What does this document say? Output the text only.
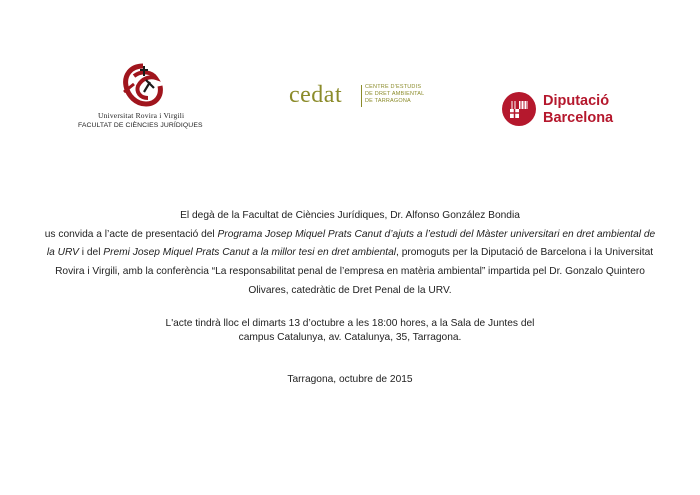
Universitat Rovira i Virgili
FACULTAT DE CIÈNCIES JURÍDIQUES
cedat	CENTRE D'ESTUDIS
DE DRET AMBIENTAL
DE TARRAGONA	Diputació
Barcelona

El degà de la Facultat de Ciències Jurídiques, Dr. Alfonso González Bondia
us convida a l’acte de presentació del Programa Josep Miquel Prats Canut d’ajuts a l’estudi del Màster universitari en dret ambiental de la URV i del Premi Josep Miquel Prats Canut a la millor tesi en dret ambiental, promoguts per la Diputació de Barcelona i la Universitat Rovira i Virgili, amb la conferència “La responsabilitat penal de l’empresa en matèria ambiental” impartida pel Dr. Gonzalo Quintero Olivares, catedràtic de Dret Penal de la URV.

L'acte tindrà lloc el dimarts 13 d’octubre a les 18:00 hores, a la Sala de Juntes del
campus Catalunya, av. Catalunya, 35, Tarragona.

Tarragona, octubre de 2015
